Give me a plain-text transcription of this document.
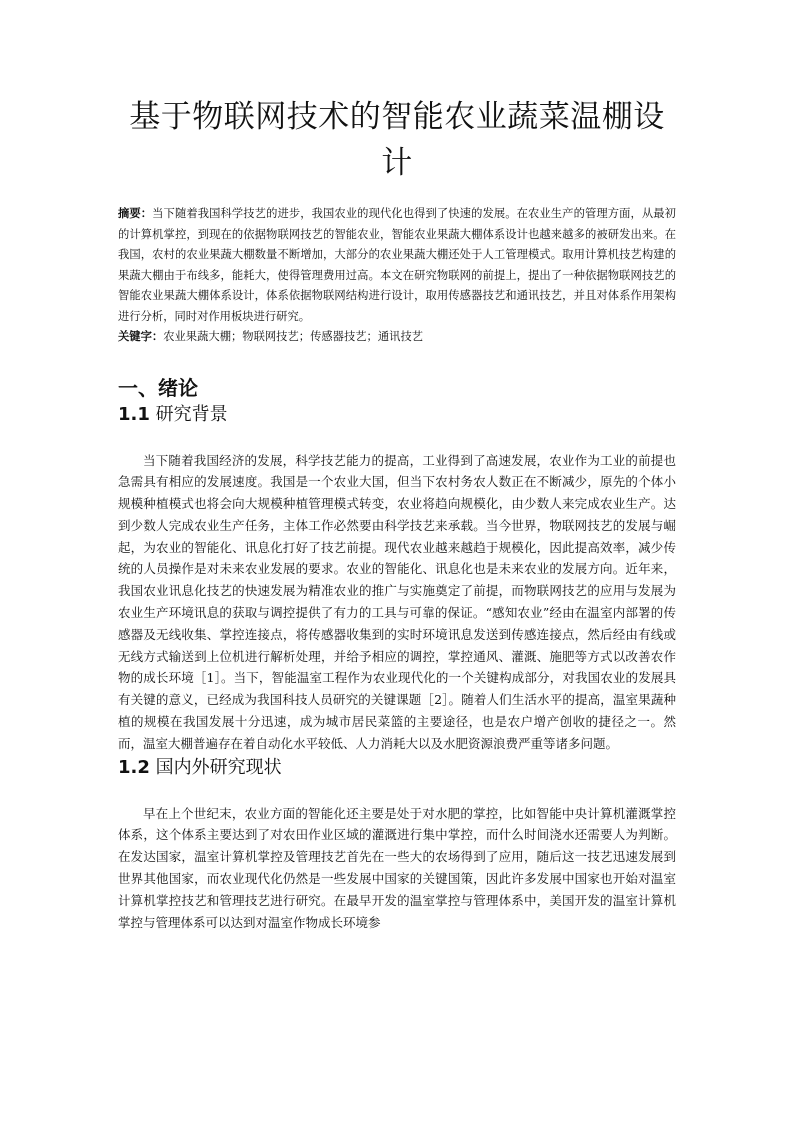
基于物联网技术的智能农业蔬菜温棚设计
摘要：当下随着我国科学技艺的进步，我国农业的现代化也得到了快速的发展。在农业生产的管理方面，从最初的计算机掌控，到现在的依据物联网技艺的智能农业，智能农业果蔬大棚体系设计也越来越多的被研发出来。在我国，农村的农业果蔬大棚数量不断增加，大部分的农业果蔬大棚还处于人工管理模式。取用计算机技艺构建的果蔬大棚由于布线多，能耗大，使得管理费用过高。本文在研究物联网的前提上，提出了一种依据物联网技艺的智能农业果蔬大棚体系设计，体系依据物联网结构进行设计，取用传感器技艺和通讯技艺，并且对体系作用架构进行分析，同时对作用板块进行研究。
关键字：农业果蔬大棚；物联网技艺；传感器技艺；通讯技艺
一、绪论
1.1 研究背景

当下随着我国经济的发展，科学技艺能力的提高，工业得到了高速发展，农业作为工业的前提也急需具有相应的发展速度。我国是一个农业大国，但当下农村务农人数正在不断减少，原先的个体小规模种植模式也将会向大规模种植管理模式转变，农业将趋向规模化，由少数人来完成农业生产。达到少数人完成农业生产任务，主体工作必然要由科学技艺来承载。当今世界，物联网技艺的发展与崛起，为农业的智能化、讯息化打好了技艺前提。现代农业越来越趋于规模化，因此提高效率，减少传统的人员操作是对未来农业发展的要求。农业的智能化、讯息化也是未来农业的发展方向。近年来，我国农业讯息化技艺的快速发展为精准农业的推广与实施奠定了前提，而物联网技艺的应用与发展为农业生产环境讯息的获取与调控提供了有力的工具与可靠的保证。“感知农业”经由在温室内部署的传感器及无线收集、掌控连接点，将传感器收集到的实时环境讯息发送到传感连接点，然后经由有线或无线方式输送到上位机进行解析处理，并给予相应的调控，掌控通风、灌溉、施肥等方式以改善农作物的成长环境［1］。当下，智能温室工程作为农业现代化的一个关键构成部分，对我国农业的发展具有关键的意义，已经成为我国科技人员研究的关键课题［2］。随着人们生活水平的提高，温室果蔬种植的规模在我国发展十分迅速，成为城市居民菜篮的主要途径，也是农户增产创收的捷径之一。然而，温室大棚普遍存在着自动化水平较低、人力消耗大以及水肥资源浪费严重等诸多问题。

1.2 国内外研究现状

早在上个世纪末，农业方面的智能化还主要是处于对水肥的掌控，比如智能中央计算机灌溉掌控体系，这个体系主要达到了对农田作业区域的灌溉进行集中掌控，而什么时间浇水还需要人为判断。在发达国家，温室计算机掌控及管理技艺首先在一些大的农场得到了应用，随后这一技艺迅速发展到世界其他国家，而农业现代化仍然是一些发展中国家的关键国策，因此许多发展中国家也开始对温室计算机掌控技艺和管理技艺进行研究。在最早开发的温室掌控与管理体系中，美国开发的温室计算机掌控与管理体系可以达到对温室作物成长环境参
